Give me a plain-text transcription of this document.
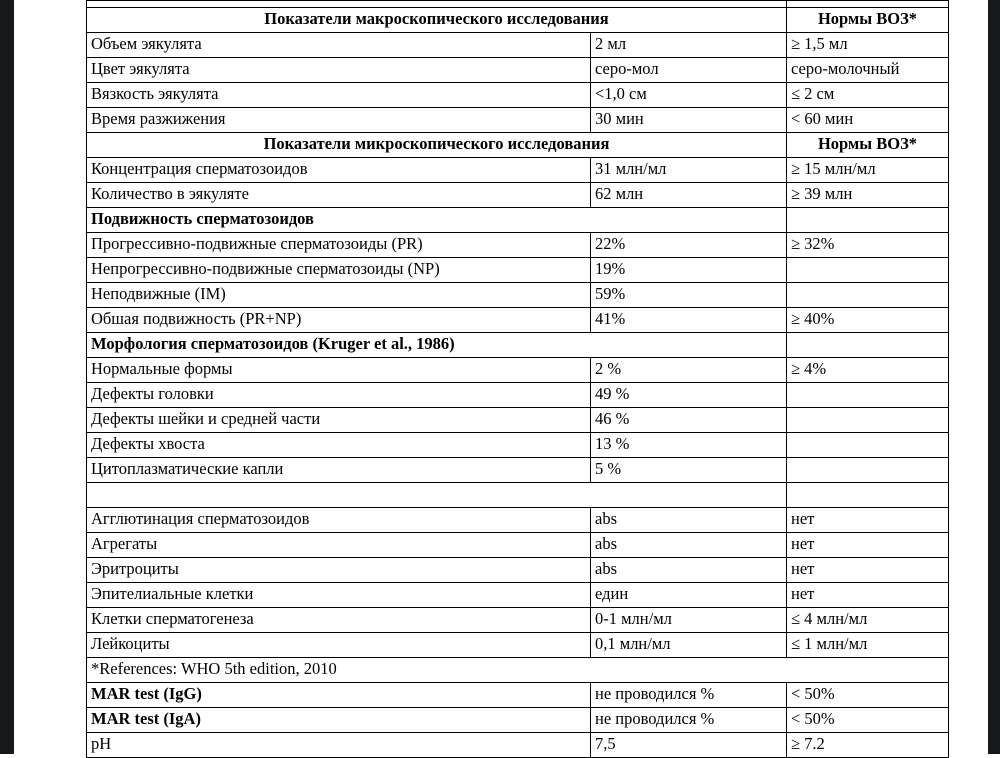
Показатели макроскопического исследования		Нормы ВОЗ*
Объем эякулята	2 мл	≥ 1,5 мл
Цвет эякулята	серо-мол	серо-молочный
Вязкость эякулята	<1,0 см	≤ 2 см
Время разжижения	30 мин	< 60 мин
Показатели микроскопического исследования		Нормы ВОЗ*
Концентрация сперматозоидов	31 млн/мл	≥ 15 млн/мл
Количество в эякуляте	62 млн	≥ 39 млн
Подвижность сперматозоидов		
Прогрессивно-подвижные сперматозоиды (PR)	22%	≥ 32%
Непрогрессивно-подвижные сперматозоиды (NP)	19%	
Неподвижные (IM)	59%	
Обшая подвижность (PR+NP)	41%	≥ 40%
Морфология сперматозоидов (Kruger et al., 1986)		
Нормальные формы	2 %	≥ 4%
Дефекты головки	49 %	
Дефекты шейки и средней части	46 %	
Дефекты хвоста	13 %	
Цитоплазматические капли	5 %	

Агглютинация сперматозоидов	abs	нет
Агрегаты	abs	нет
Эритроциты	abs	нет
Эпителиальные клетки	един	нет
Клетки сперматогенеза	0-1 млн/мл	≤ 4 млн/мл
Лейкоциты	0,1 млн/мл	≤ 1 млн/мл
*References: WHO 5th edition, 2010		
MAR test (IgG)	не проводился %	< 50%
MAR test (IgA)	не проводился %	< 50%
pH	7,5	≥ 7.2
